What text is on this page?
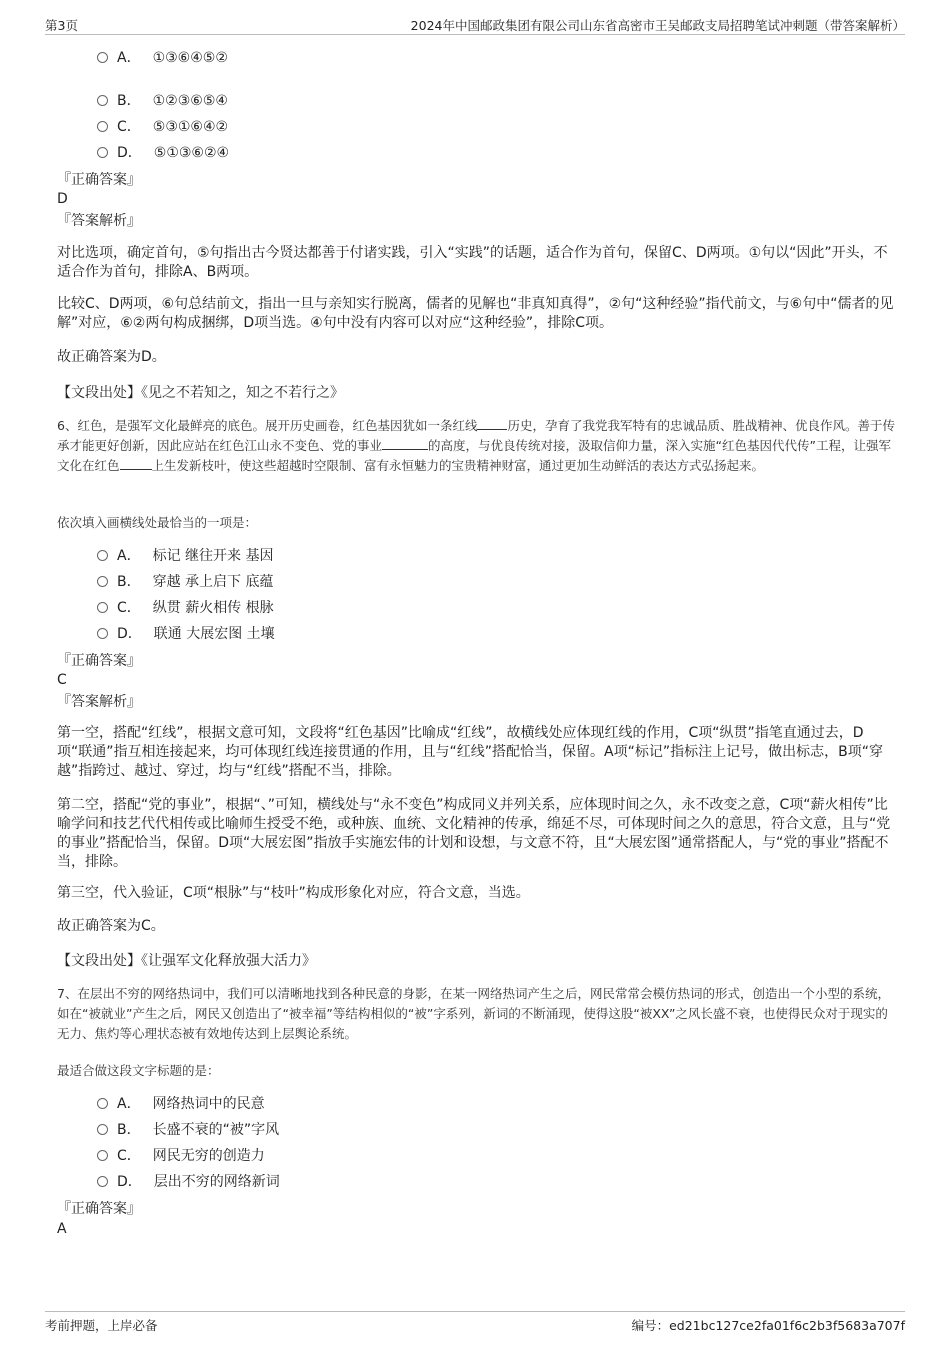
第3页	2024年中国邮政集团有限公司山东省高密市王吴邮政支局招聘笔试冲刺题（带答案解析）
A． ①③⑥④⑤②
B． ①②③⑥⑤④
C． ⑤③①⑥④②
D． ⑤①③⑥②④
『正确答案』
D
『答案解析』
对比选项，确定首句，⑤句指出古今贤达都善于付诸实践，引入“实践”的话题，适合作为首句，保留C、D两项。①句以“因此”开头，不适合作为首句，排除A、B两项。
比较C、D两项，⑥句总结前文，指出一旦与亲知实行脱离，儒者的见解也“非真知真得”，②句“这种经验”指代前文，与⑥句中“儒者的见解”对应，⑥②两句构成捆绑，D项当选。④句中没有内容可以对应“这种经验”，排除C项。
故正确答案为D。
【文段出处】《见之不若知之，知之不若行之》
6、红色，是强军文化最鲜亮的底色。展开历史画卷，红色基因犹如一条红线 历史，孕育了我党我军特有的忠诚品质、胜战精神、优良作风。善于传承才能更好创新，因此应站在红色江山永不变色、党的事业	的高度，与优良传统对接，汲取信仰力量，深入实施“红色基因代代传”工程，让强军文化在红色	上生发新枝叶，使这些超越时空限制、富有永恒魅力的宝贵精神财富，通过更加生动鲜活的表达方式弘扬起来。
依次填入画横线处最恰当的一项是：
A． 标记 继往开来 基因
B． 穿越 承上启下 底蕴
C． 纵贯 薪火相传 根脉
D． 联通 大展宏图 土壤
『正确答案』
C
『答案解析』
第一空，搭配“红线”，根据文意可知，文段将“红色基因”比喻成“红线”，故横线处应体现红线的作用，C项“纵贯”指笔直通过去，D项“联通”指互相连接起来，均可体现红线连接贯通的作用，且与“红线”搭配恰当，保留。A项“标记”指标注上记号，做出标志，B项“穿越”指跨过、越过、穿过，均与“红线”搭配不当，排除。
第二空，搭配“党的事业”，根据“、”可知，横线处与“永不变色”构成同义并列关系，应体现时间之久，永不改变之意，C项“薪火相传”比喻学问和技艺代代相传或比喻师生授受不绝，或种族、血统、文化精神的传承，绵延不尽，可体现时间之久的意思，符合文意，且与“党的事业”搭配恰当，保留。D项“大展宏图”指放手实施宏伟的计划和设想，与文意不符，且“大展宏图”通常搭配人，与“党的事业”搭配不当，排除。
第三空，代入验证，C项“根脉”与“枝叶”构成形象化对应，符合文意，当选。
故正确答案为C。
【文段出处】《让强军文化释放强大活力》
7、在层出不穷的网络热词中，我们可以清晰地找到各种民意的身影，在某一网络热词产生之后，网民常常会模仿热词的形式，创造出一个小型的系统，如在“被就业”产生之后，网民又创造出了“被幸福”等结构相似的“被”字系列，新词的不断涌现，使得这股“被XX”之风长盛不衰，也使得民众对于现实的无力、焦灼等心理状态被有效地传达到上层舆论系统。
最适合做这段文字标题的是：
A． 网络热词中的民意
B． 长盛不衰的“被”字风
C． 网民无穷的创造力
D． 层出不穷的网络新词
『正确答案』
A
考前押题，上岸必备	编号：ed21bc127ce2fa01f6c2b3f5683a707f
